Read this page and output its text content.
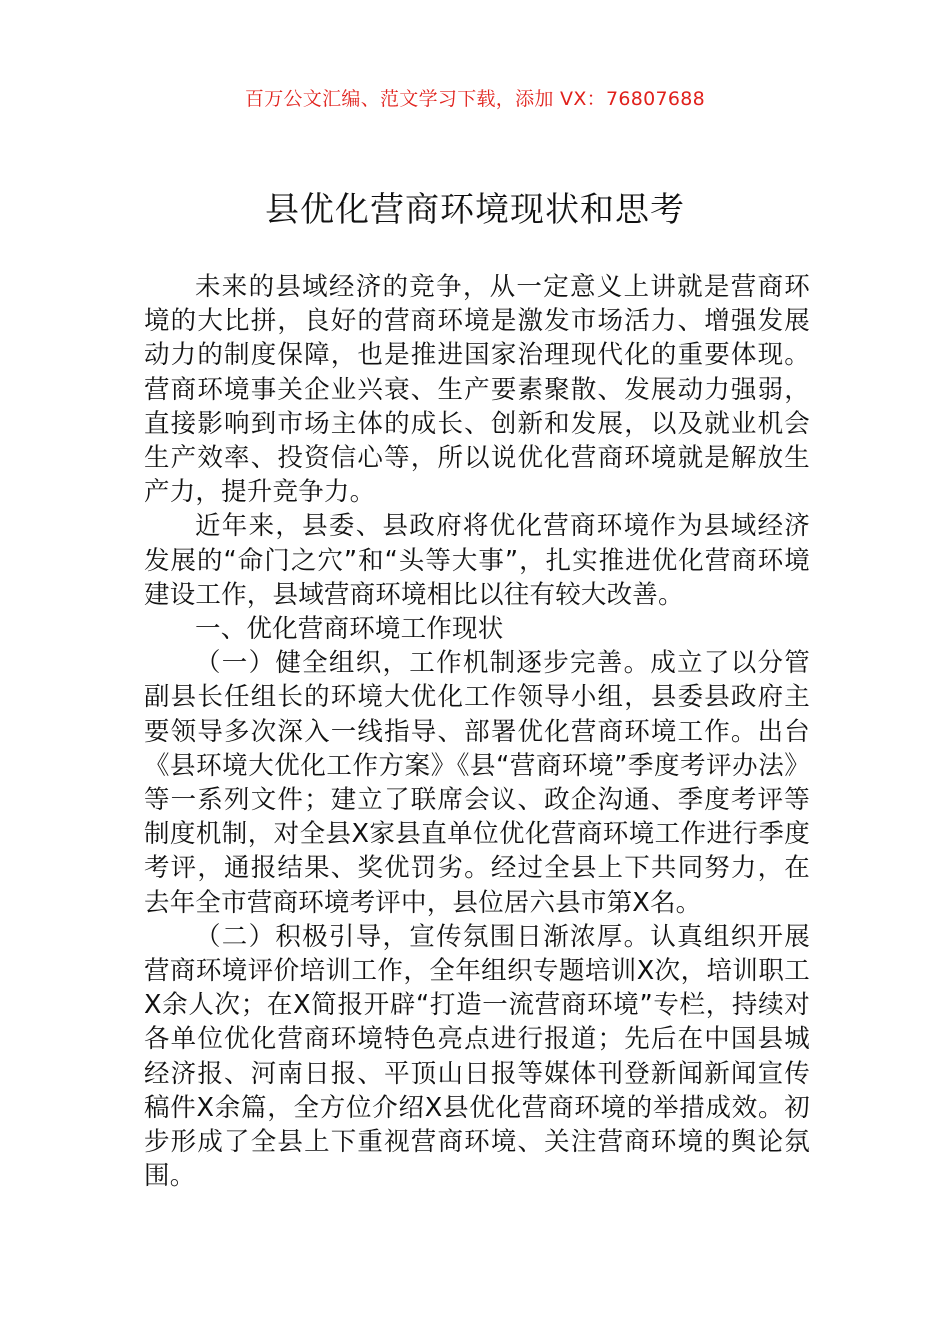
百万公文汇编、范文学习下载，添加 VX：76807688
县优化营商环境现状和思考

未来的县域经济的竞争，从一定意义上讲就是营商环境的大比拼，良好的营商环境是激发市场活力、增强发展动力的制度保障，也是推进国家治理现代化的重要体现。营商环境事关企业兴衰、生产要素聚散、发展动力强弱，直接影响到市场主体的成长、创新和发展，以及就业机会生产效率、投资信心等，所以说优化营商环境就是解放生产力，提升竞争力。

近年来，县委、县政府将优化营商环境作为县域经济发展的“命门之穴”和“头等大事”，扎实推进优化营商环境建设工作，县域营商环境相比以往有较大改善。

一、优化营商环境工作现状

（一）健全组织，工作机制逐步完善。成立了以分管副县长任组长的环境大优化工作领导小组，县委县政府主要领导多次深入一线指导、部署优化营商环境工作。出台《县环境大优化工作方案》《县“营商环境”季度考评办法》等一系列文件；建立了联席会议、政企沟通、季度考评等制度机制，对全县X家县直单位优化营商环境工作进行季度考评，通报结果、奖优罚劣。经过全县上下共同努力，在去年全市营商环境考评中，县位居六县市第X名。

（二）积极引导，宣传氛围日渐浓厚。认真组织开展营商环境评价培训工作，全年组织专题培训X次，培训职工X余人次；在X简报开辟“打造一流营商环境”专栏，持续对各单位优化营商环境特色亮点进行报道；先后在中国县城经济报、河南日报、平顶山日报等媒体刊登新闻新闻宣传稿件X余篇，全方位介绍X县优化营商环境的举措成效。初步形成了全县上下重视营商环境、关注营商环境的舆论氛围。
